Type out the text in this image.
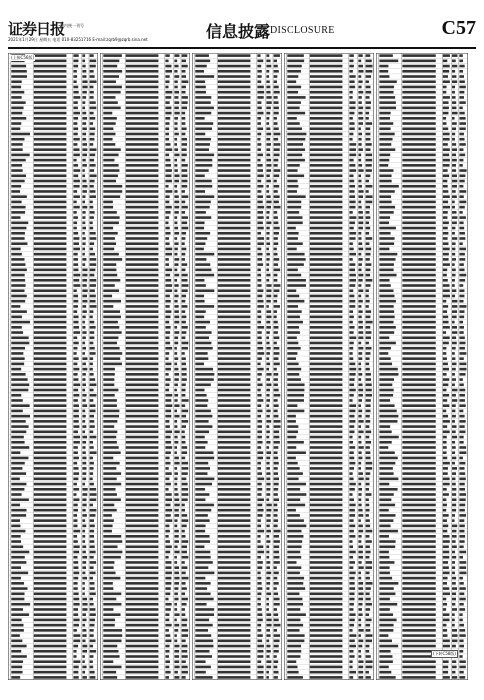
证券日报
国内统一刊号
2021年1月29日 星期五 电话 010-83251716 E-mail:zqrb9@zqrb.sina.net	信息披露 DISCLOSURE	C57
(上接C56版)
(下转C58版)
